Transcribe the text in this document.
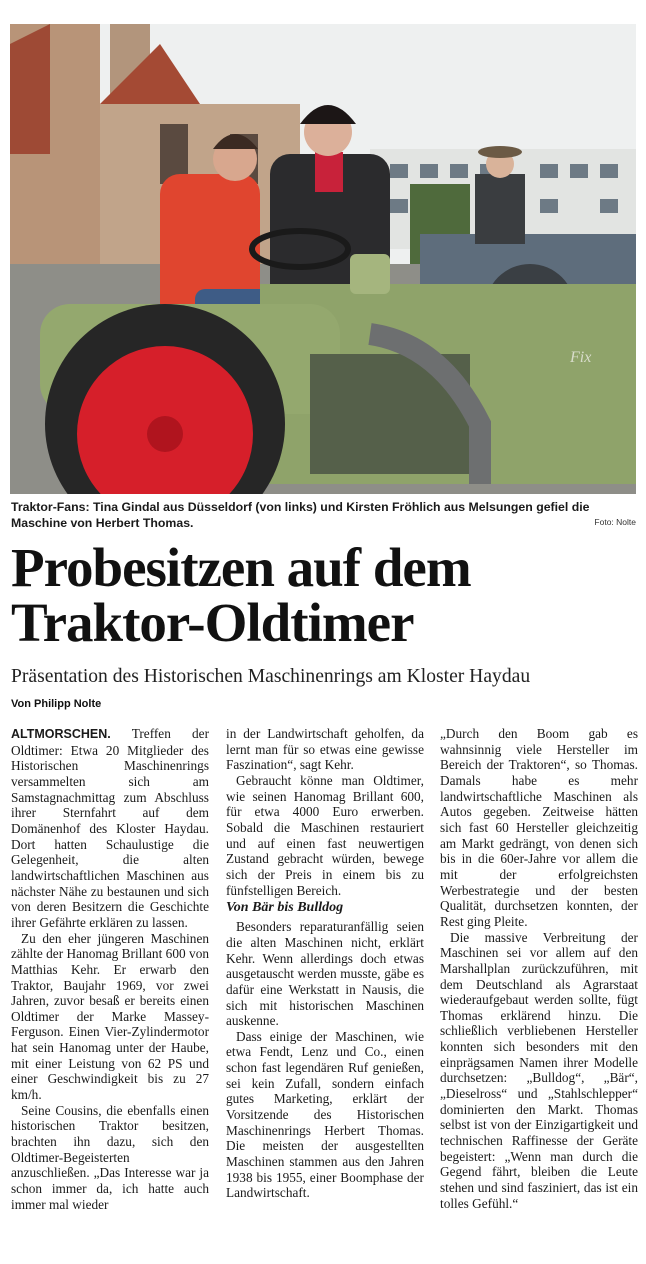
Fix

Traktor-Fans: Tina Gindal aus Düsseldorf (von links) und Kirsten Fröhlich aus Melsungen gefiel die Maschine von Herbert Thomas.	Foto: Nolte
Probesitzen auf dem
Traktor-Oldtimer
Präsentation des Historischen Maschinenrings am Kloster Haydau
Von Philipp Nolte

ALTMORSCHEN. Treffen der Oldtimer: Etwa 20 Mitglieder des Historischen Maschinenrings versammelten sich am Samstagnachmittag zum Abschluss ihrer Sternfahrt auf dem Domänenhof des Kloster Haydau. Dort hatten Schaulustige die Gelegenheit, die alten landwirtschaftlichen Maschinen aus nächster Nähe zu bestaunen und sich von deren Besitzern die Geschichte ihrer Gefährte erklären zu lassen.

Zu den eher jüngeren Maschinen zählte der Hanomag Brillant 600 von Matthias Kehr. Er erwarb den Traktor, Baujahr 1969, vor zwei Jahren, zuvor besaß er bereits einen Oldtimer der Marke Massey-Ferguson. Einen Vier-Zylindermotor hat sein Hanomag unter der Haube, mit einer Leistung von 62 PS und einer Geschwindigkeit bis zu 27 km/h.

Seine Cousins, die ebenfalls einen historischen Traktor besitzen, brachten ihn dazu, sich den Oldtimer-Begeisterten anzuschließen. „Das Interesse war ja schon immer da, ich hatte auch immer mal wieder

in der Landwirtschaft geholfen, da lernt man für so etwas eine gewisse Faszination“, sagt Kehr.

Gebraucht könne man Oldtimer, wie seinen Hanomag Brillant 600, für etwa 4000 Euro erwerben. Sobald die Maschinen restauriert und auf einen fast neuwertigen Zustand gebracht würden, bewege sich der Preis in einem bis zu fünfstelligen Bereich.

Von Bär bis Bulldog

Besonders reparaturanfällig seien die alten Maschinen nicht, erklärt Kehr. Wenn allerdings doch etwas ausgetauscht werden musste, gäbe es dafür eine Werkstatt in Nausis, die sich mit historischen Maschinen auskenne.

Dass einige der Maschinen, wie etwa Fendt, Lenz und Co., einen schon fast legendären Ruf genießen, sei kein Zufall, sondern einfach gutes Marketing, erklärt der Vorsitzende des Historischen Maschinenrings Herbert Thomas. Die meisten der ausgestellten Maschinen stammen aus den Jahren 1938 bis 1955, einer Boomphase der Landwirtschaft.

„Durch den Boom gab es wahnsinnig viele Hersteller im Bereich der Traktoren“, so Thomas. Damals habe es mehr landwirtschaftliche Maschinen als Autos gegeben. Zeitweise hätten sich fast 60 Hersteller gleichzeitig am Markt gedrängt, von denen sich bis in die 60er-Jahre vor allem die mit der erfolgreichsten Werbestrategie und der besten Qualität, durchsetzen konnten, der Rest ging Pleite.

Die massive Verbreitung der Maschinen sei vor allem auf den Marshallplan zurückzuführen, mit dem Deutschland als Agrarstaat wiederaufgebaut werden sollte, fügt Thomas erklärend hinzu. Die schließlich verbliebenen Hersteller konnten sich besonders mit den einprägsamen Namen ihrer Modelle durchsetzen: „Bulldog“, „Bär“, „Dieselross“ und „Stahlschlepper“ dominierten den Markt. Thomas selbst ist von der Einzigartigkeit und technischen Raffinesse der Geräte begeistert: „Wenn man durch die Gegend fährt, bleiben die Leute stehen und sind fasziniert, das ist ein tolles Gefühl.“
